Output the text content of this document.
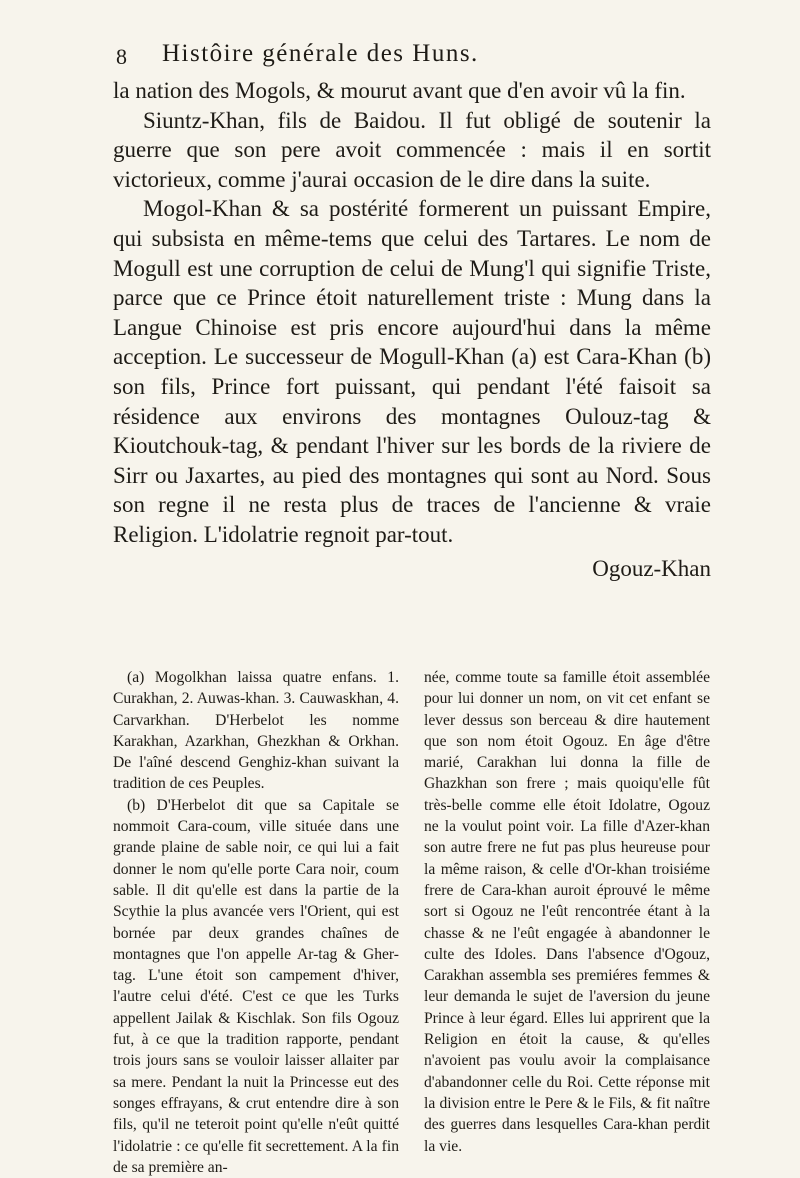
8 Histôire générale des Huns.

la nation des Mogols, & mourut avant que d'en avoir vû la fin.

Siuntz-Khan, fils de Baidou. Il fut obligé de soutenir la guerre que son pere avoit commencée : mais il en sortit victorieux, comme j'aurai occasion de le dire dans la suite.

Mogol-Khan & sa postérité formerent un puissant Empire, qui subsista en même-tems que celui des Tartares. Le nom de Mogull est une corruption de celui de Mung'l qui signifie Triste, parce que ce Prince étoit naturellement triste : Mung dans la Langue Chinoise est pris encore aujourd'hui dans la même acception. Le successeur de Mogull-Khan (a) est Cara-Khan (b) son fils, Prince fort puissant, qui pendant l'été faisoit sa résidence aux environs des montagnes Oulouz-tag & Kioutchouk-tag, & pendant l'hiver sur les bords de la riviere de Sirr ou Jaxartes, au pied des montagnes qui sont au Nord. Sous son regne il ne resta plus de traces de l'ancienne & vraie Religion. L'idolatrie regnoit par-tout.

Ogouz-Khan

(a) Mogolkhan laissa quatre enfans. 1. Curakhan, 2. Auwas-khan. 3. Cauwaskhan, 4. Carvarkhan. D'Herbelot les nomme Karakhan, Azarkhan, Ghezkhan & Orkhan. De l'aîné descend Genghiz-khan suivant la tradition de ces Peuples.

(b) D'Herbelot dit que sa Capitale se nommoit Cara-coum, ville située dans une grande plaine de sable noir, ce qui lui a fait donner le nom qu'elle porte Cara noir, coum sable. Il dit qu'elle est dans la partie de la Scythie la plus avancée vers l'Orient, qui est bornée par deux grandes chaînes de montagnes que l'on appelle Ar-tag & Gher-tag. L'une étoit son campement d'hiver, l'autre celui d'été. C'est ce que les Turks appellent Jailak & Kischlak. Son fils Ogouz fut, à ce que la tradition rapporte, pendant trois jours sans se vouloir laisser allaiter par sa mere. Pendant la nuit la Princesse eut des songes effrayans, & crut entendre dire à son fils, qu'il ne teteroit point qu'elle n'eût quitté l'idolatrie : ce qu'elle fit secrettement. A la fin de sa première an-

née, comme toute sa famille étoit assemblée pour lui donner un nom, on vit cet enfant se lever dessus son berceau & dire hautement que son nom étoit Ogouz. En âge d'être marié, Carakhan lui donna la fille de Ghazkhan son frere ; mais quoiqu'elle fût très-belle comme elle étoit Idolatre, Ogouz ne la voulut point voir. La fille d'Azer-khan son autre frere ne fut pas plus heureuse pour la même raison, & celle d'Or-khan troisiéme frere de Cara-khan auroit éprouvé le même sort si Ogouz ne l'eût rencontrée étant à la chasse & ne l'eût engagée à abandonner le culte des Idoles. Dans l'absence d'Ogouz, Carakhan assembla ses premiéres femmes & leur demanda le sujet de l'aversion du jeune Prince à leur égard. Elles lui apprirent que la Religion en étoit la cause, & qu'elles n'avoient pas voulu avoir la complaisance d'abandonner celle du Roi. Cette réponse mit la division entre le Pere & le Fils, & fit naître des guerres dans lesquelles Cara-khan perdit la vie.
